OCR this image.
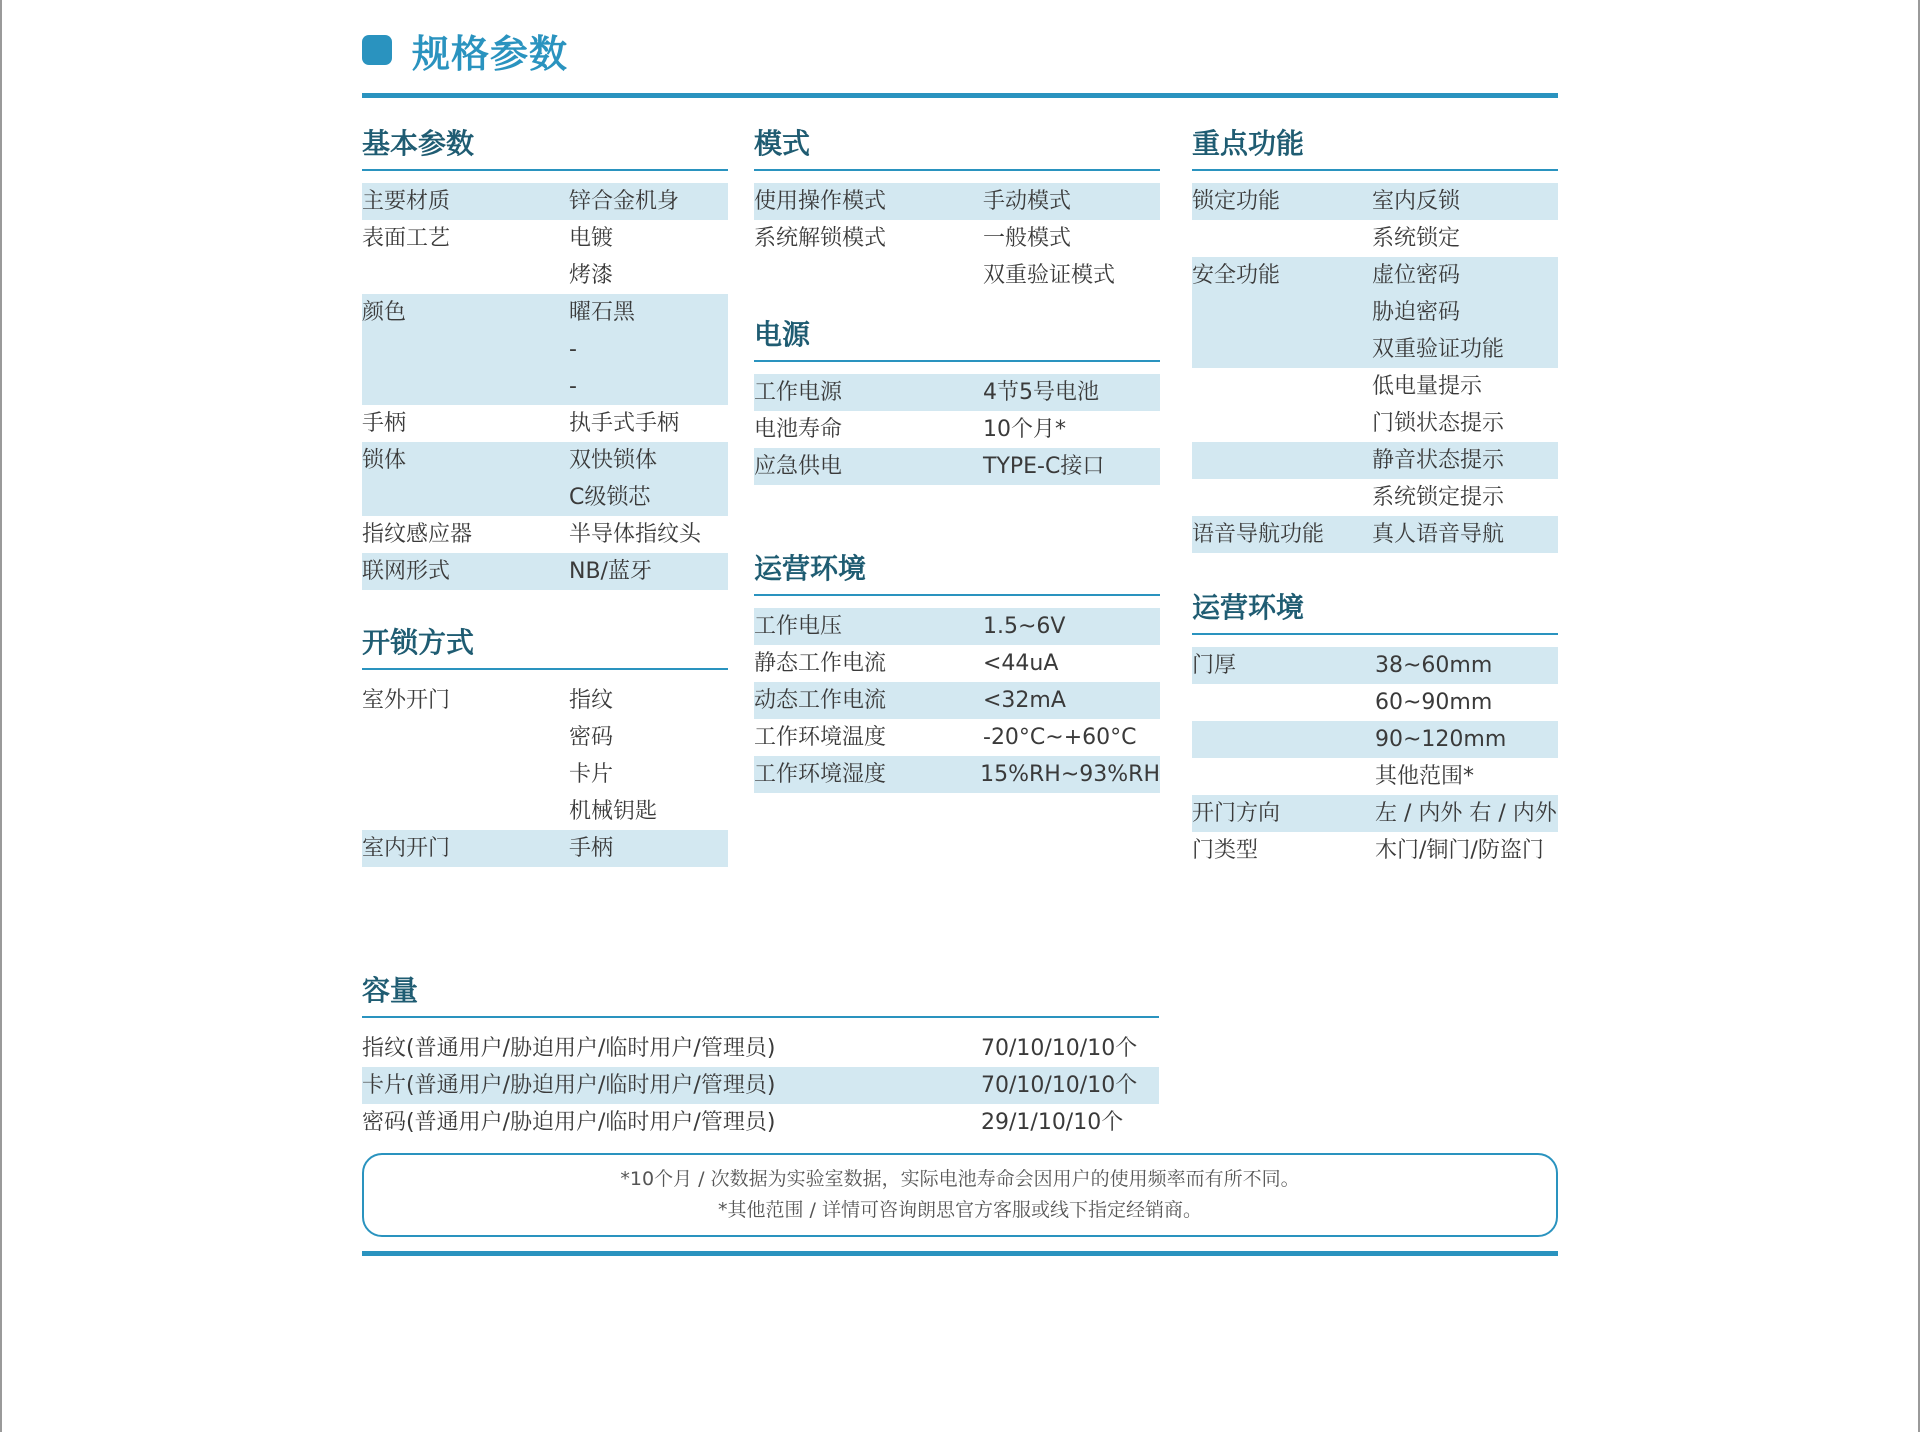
规格参数
基本参数
主要材质	锌合金机身
表面工艺	电镀
烤漆
颜色	曜石黑
-
-
手柄	执手式手柄
锁体	双快锁体
C级锁芯
指纹感应器	半导体指纹头
联网形式	NB/蓝牙
开锁方式
室外开门	指纹
密码
卡片
机械钥匙
室内开门	手柄
模式
使用操作模式	手动模式
系统解锁模式	一般模式
双重验证模式
电源
工作电源	4节5号电池
电池寿命	10个月*
应急供电	TYPE-C接口
运营环境
工作电压	1.5~6V
静态工作电流	<44uA
动态工作电流	<32mA
工作环境温度	-20°C~+60°C
工作环境湿度	15%RH~93%RH
重点功能
锁定功能	室内反锁
系统锁定
安全功能	虚位密码
胁迫密码
双重验证功能
低电量提示
门锁状态提示
静音状态提示
系统锁定提示
语音导航功能	真人语音导航
运营环境
门厚	38~60mm
60~90mm
90~120mm
其他范围*
开门方向	左 / 内外 右 / 内外
门类型	木门/铜门/防盗门
容量
指纹(普通用户/胁迫用户/临时用户/管理员)	70/10/10/10个
卡片(普通用户/胁迫用户/临时用户/管理员)	70/10/10/10个
密码(普通用户/胁迫用户/临时用户/管理员)	29/1/10/10个
*10个月 / 次数据为实验室数据，实际电池寿命会因用户的使用频率而有所不同。
*其他范围 / 详情可咨询朗思官方客服或线下指定经销商。
